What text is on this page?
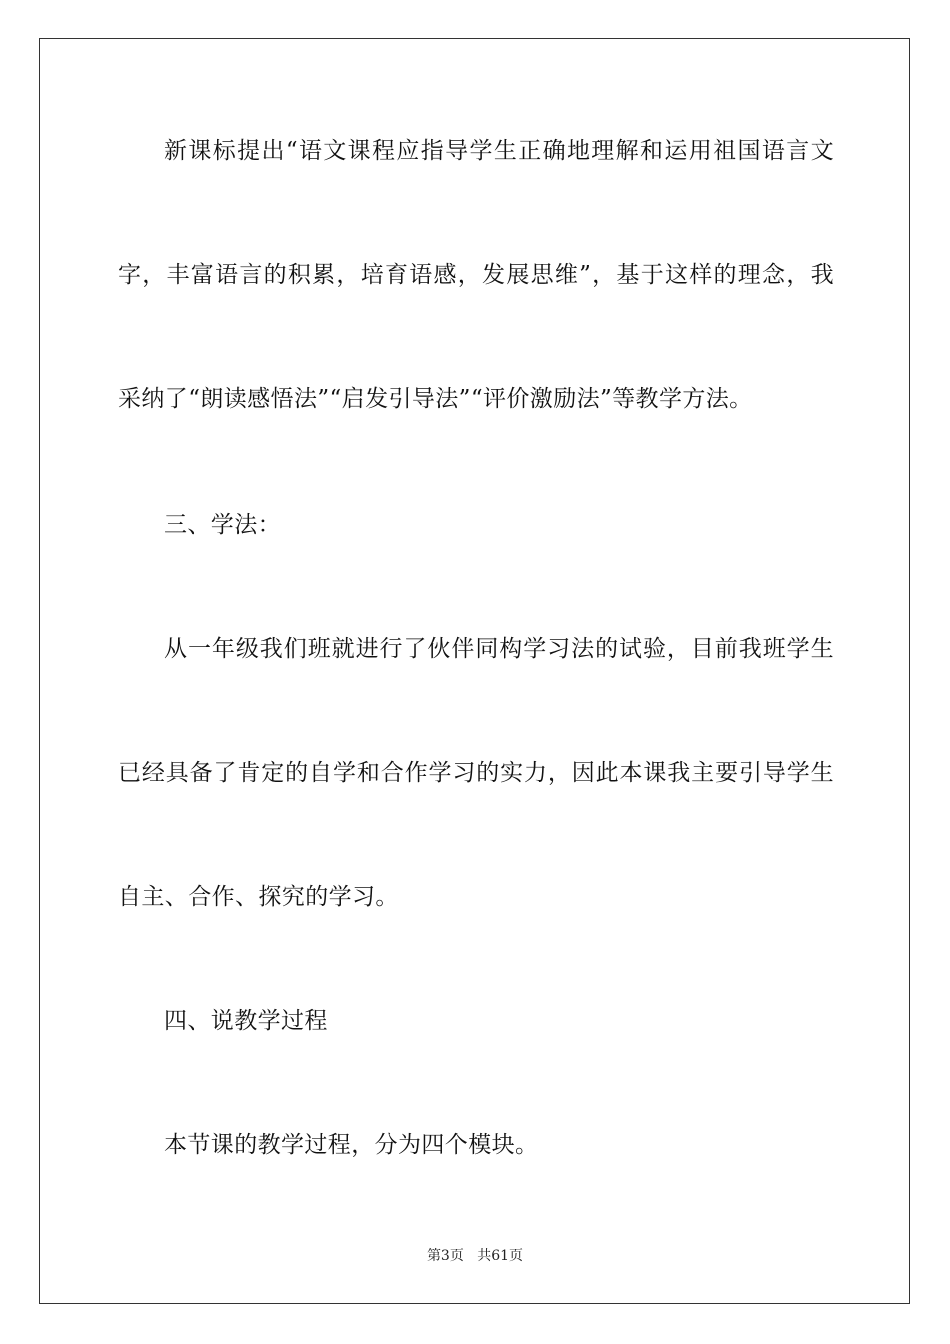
新课标提出“语文课程应指导学生正确地理解和运用祖国语言文
字，丰富语言的积累，培育语感，发展思维”，基于这样的理念，我
采纳了“朗读感悟法”“启发引导法”“评价激励法”等教学方法。
三、学法：
从一年级我们班就进行了伙伴同构学习法的试验，目前我班学生
已经具备了肯定的自学和合作学习的实力，因此本课我主要引导学生
自主、合作、探究的学习。
四、说教学过程
本节课的教学过程，分为四个模块。
第3页 共61页
